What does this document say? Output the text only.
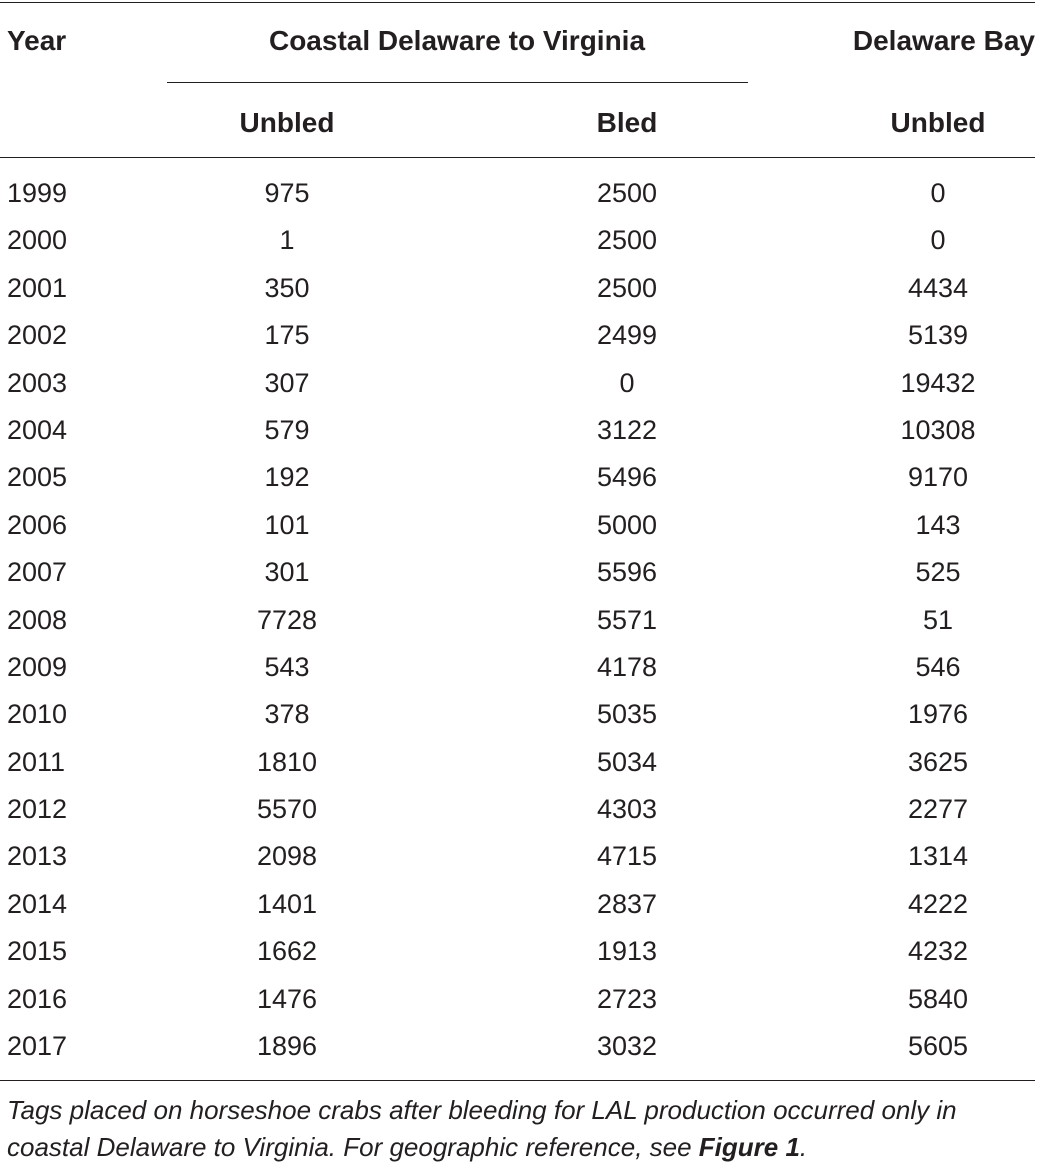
Year	Coastal Delaware to Virginia	Delaware Bay
Unbled	Bled	Unbled
1999	975	2500	0
2000	1	2500	0
2001	350	2500	4434
2002	175	2499	5139
2003	307	0	19432
2004	579	3122	10308
2005	192	5496	9170
2006	101	5000	143
2007	301	5596	525
2008	7728	5571	51
2009	543	4178	546
2010	378	5035	1976
2011	1810	5034	3625
2012	5570	4303	2277
2013	2098	4715	1314
2014	1401	2837	4222
2015	1662	1913	4232
2016	1476	2723	5840
2017	1896	3032	5605
Tags placed on horseshoe crabs after bleeding for LAL production occurred only in coastal Delaware to Virginia. For geographic reference, see Figure 1.
